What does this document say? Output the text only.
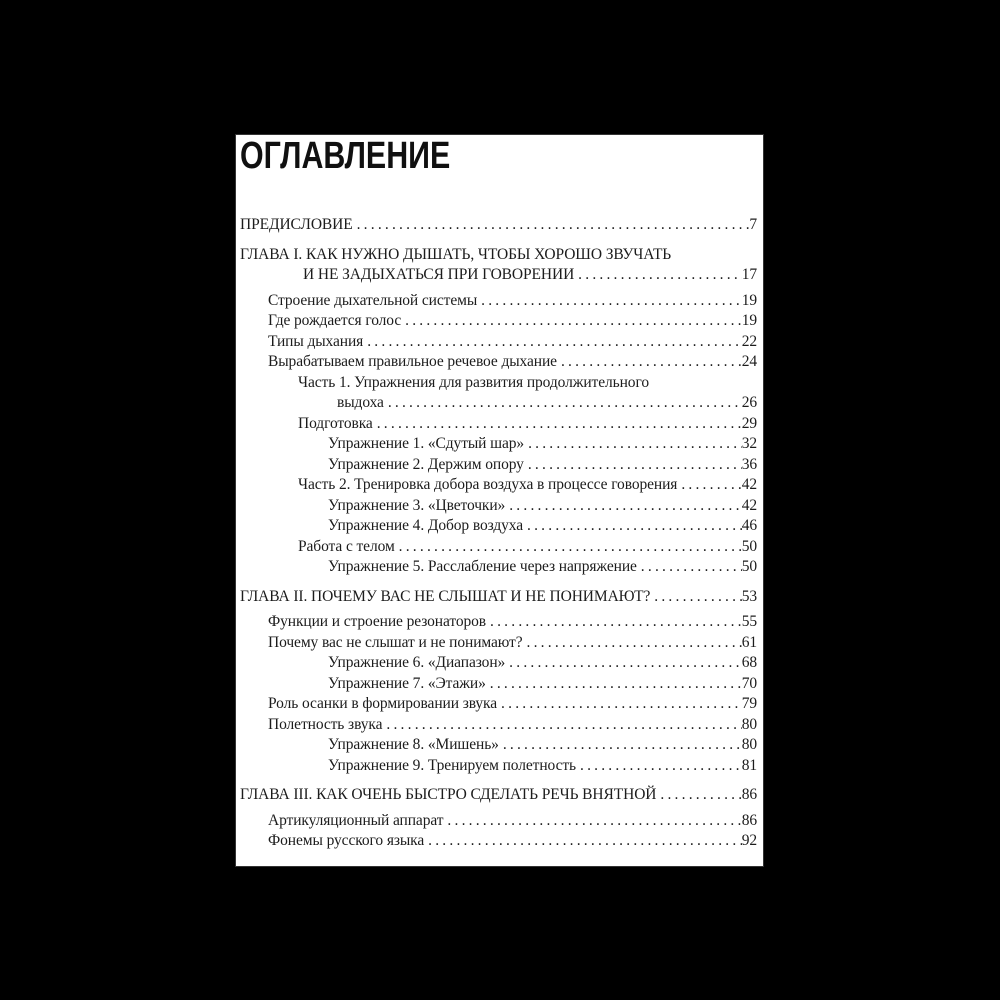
ОГЛАВЛЕНИЕ
ПРЕДИСЛОВИЕ .....	7
ГЛАВА I. КАК НУЖНО ДЫШАТЬ, ЧТОБЫ ХОРОШО ЗВУЧАТЬ
И НЕ ЗАДЫХАТЬСЯ ПРИ ГОВОРЕНИИ .....	17
Строение дыхательной системы .....	19
Где рождается голос .....	19
Типы дыхания .....	22
Вырабатываем правильное речевое дыхание .....	24
Часть 1. Упражнения для развития продолжительного
выдоха .....	26
Подготовка .....	29
Упражнение 1. «Сдутый шар» .....	32
Упражнение 2. Держим опору .....	36
Часть 2. Тренировка добора воздуха в процессе говорения .....	42
Упражнение 3. «Цветочки» .....	42
Упражнение 4. Добор воздуха .....	46
Работа с телом .....	50
Упражнение 5. Расслабление через напряжение .....	50
ГЛАВА II. ПОЧЕМУ ВАС НЕ СЛЫШАТ И НЕ ПОНИМАЮТ? .....	53
Функции и строение резонаторов .....	55
Почему вас не слышат и не понимают? .....	61
Упражнение 6. «Диапазон» .....	68
Упражнение 7. «Этажи» .....	70
Роль осанки в формировании звука .....	79
Полетность звука .....	80
Упражнение 8. «Мишень» .....	80
Упражнение 9. Тренируем полетность .....	81
ГЛАВА III. КАК ОЧЕНЬ БЫСТРО СДЕЛАТЬ РЕЧЬ ВНЯТНОЙ .....	86
Артикуляционный аппарат .....	86
Фонемы русского языка .....	92
